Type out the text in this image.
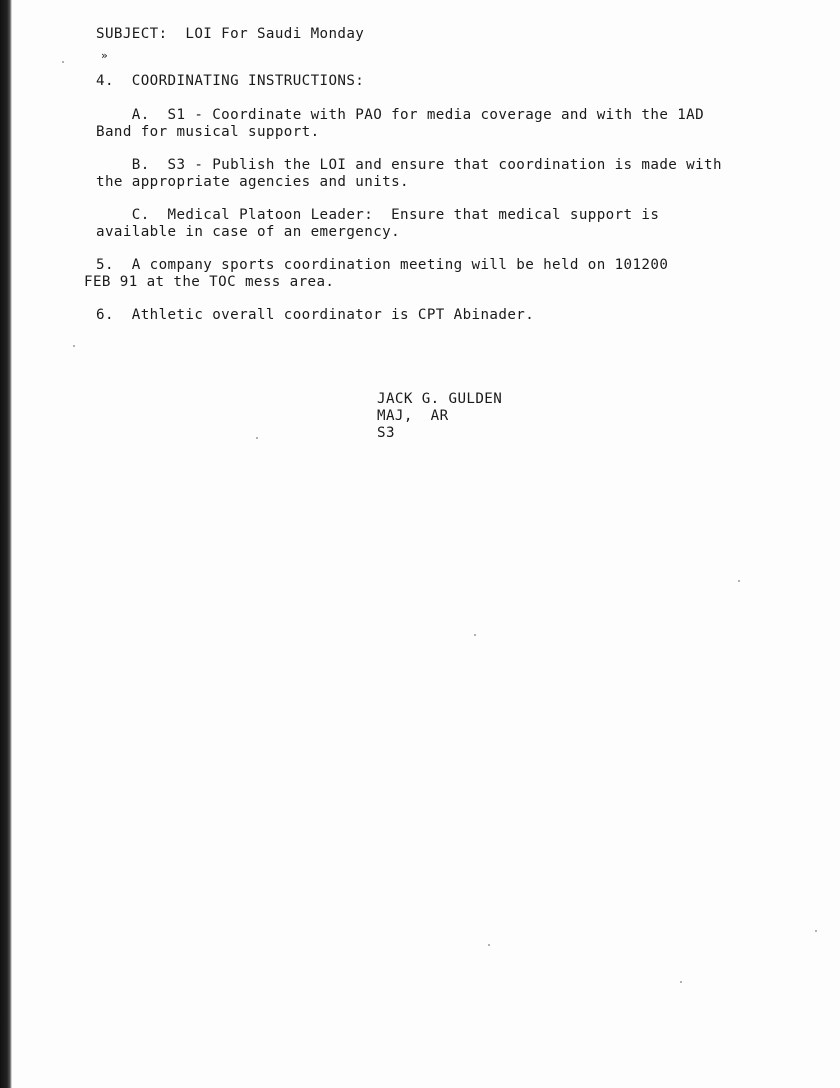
SUBJECT:  LOI For Saudi Monday
»
4.  COORDINATING INSTRUCTIONS:
A.  S1 - Coordinate with PAO for media coverage and with the 1AD
Band for musical support.
B.  S3 - Publish the LOI and ensure that coordination is made with
the appropriate agencies and units.
C.  Medical Platoon Leader:  Ensure that medical support is
available in case of an emergency.
5.  A company sports coordination meeting will be held on 101200
FEB 91 at the TOC mess area.
6.  Athletic overall coordinator is CPT Abinader.
JACK G. GULDEN
MAJ,  AR
S3
